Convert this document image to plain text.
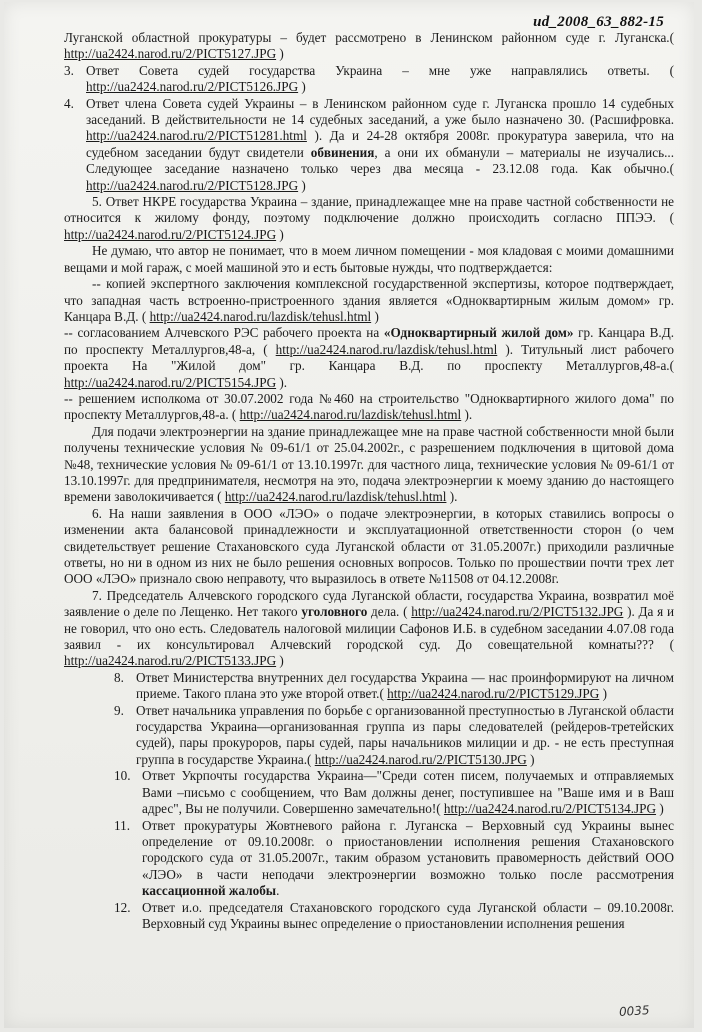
ud_2008_63_882-15

Луганской областной прокуратуры – будет рассмотрено в Ленинском районном суде г. Луганска.( http://ua2424.narod.ru/2/PICT5127.JPG )

3. Ответ Совета судей государства Украина – мне уже направлялись ответы. ( http://ua2424.narod.ru/2/PICT5126.JPG )

4. Ответ члена Совета судей Украины – в Ленинском районном суде г. Луганска прошло 14 судебных заседаний. В действительности не 14 судебных заседаний, а уже было назначено 30. (Расшифровка. http://ua2424.narod.ru/2/PICT51281.html ). Да и 24-28 октября 2008г. прокуратура заверила, что на судебном заседании будут свидетели обвинения, а они их обманули – материалы не изучались... Следующее заседание назначено только через два месяца - 23.12.08 года. Как обычно.( http://ua2424.narod.ru/2/PICT5128.JPG )

5. Ответ НКРЕ государства Украина – здание, принадлежащее мне на праве частной собственности не относится к жилому фонду, поэтому подключение должно происходить согласно ППЭЭ. ( http://ua2424.narod.ru/2/PICT5124.JPG )

Не думаю, что автор не понимает, что в моем личном помещении - моя кладовая с моими домашними вещами и мой гараж, с моей машиной это и есть бытовые нужды, что подтверждается:

-- копией экспертного заключения комплексной государственной экспертизы, которое подтверждает, что западная часть встроенно-пристроенного здания является «Одноквартирным жилым домом» гр. Канцара В.Д. ( http://ua2424.narod.ru/lazdisk/tehusl.html )

-- согласованием Алчевского РЭС рабочего проекта на «Одноквартирный жилой дом» гр. Канцара В.Д. по проспекту Металлургов,48-а, ( http://ua2424.narod.ru/lazdisk/tehusl.html ). Титульный лист рабочего проекта На "Жилой дом" гр. Канцара В.Д. по проспекту Металлургов,48-а.( http://ua2424.narod.ru/2/PICT5154.JPG ).

-- решением исполкома от 30.07.2002 года №460 на строительство "Одноквартирного жилого дома" по проспекту Металлургов,48-а. ( http://ua2424.narod.ru/lazdisk/tehusl.html ).

Для подачи электроэнергии на здание принадлежащее мне на праве частной собственности мной были получены технические условия № 09-61/1 от 25.04.2002г., с разрешением подключения в щитовой дома №48, технические условия № 09-61/1 от 13.10.1997г. для частного лица, технические условия № 09-61/1 от 13.10.1997г. для предпринимателя, несмотря на это, подача электроэнергии к моему зданию до настоящего времени заволокичивается ( http://ua2424.narod.ru/lazdisk/tehusl.html ).

6. На наши заявления в ООО «ЛЭО» о подаче электроэнергии, в которых ставились вопросы о изменении акта балансовой принадлежности и эксплуатационной ответственности сторон (о чем свидетельствует решение Стахановского суда Луганской области от 31.05.2007г.) приходили различные ответы, но ни в одном из них не было решения основных вопросов. Только по прошествии почти трех лет ООО «ЛЭО» признало свою неправоту, что выразилось в ответе №11508 от 04.12.2008г.

7. Председатель Алчевского городского суда Луганской области, государства Украина, возвратил моё заявление о деле по Лещенко. Нет такого уголовного дела. ( http://ua2424.narod.ru/2/PICT5132.JPG ). Да я и не говорил, что оно есть. Следователь налоговой милиции Сафонов И.Б. в судебном заседании 4.07.08 года заявил - их консультировал Алчевский городской суд. До совещательной комнаты??? ( http://ua2424.narod.ru/2/PICT5133.JPG )

8. Ответ Министерства внутренних дел государства Украина — нас проинформируют на личном приеме. Такого плана это уже второй ответ.( http://ua2424.narod.ru/2/PICT5129.JPG )

9. Ответ начальника управления по борьбе с организованной преступностью в Луганской области государства Украина—организованная группа из пары следователей (рейдеров-третейских судей), пары прокуроров, пары судей, пары начальников милиции и др. - не есть преступная группа в государстве Украина.( http://ua2424.narod.ru/2/PICT5130.JPG )

10. Ответ Укрпочты государства Украина—"Среди сотен писем, получаемых и отправляемых Вами –письмо с сообщением, что Вам должны денег, поступившее на "Ваше имя и в Ваш адрес", Вы не получили. Совершенно замечательно!( http://ua2424.narod.ru/2/PICT5134.JPG )

11. Ответ прокуратуры Жовтневого района г. Луганска – Верховный суд Украины вынес определение от 09.10.2008г. о приостановлении исполнения решения Стахановского городского суда от 31.05.2007г., таким образом установить правомерность действий ООО «ЛЭО» в части неподачи электроэнергии возможно только после рассмотрения кассационной жалобы.

12. Ответ и.о. председателя Стахановского городского суда Луганской области – 09.10.2008г. Верховный суд Украины вынес определение о приостановлении исполнения решения

0035
